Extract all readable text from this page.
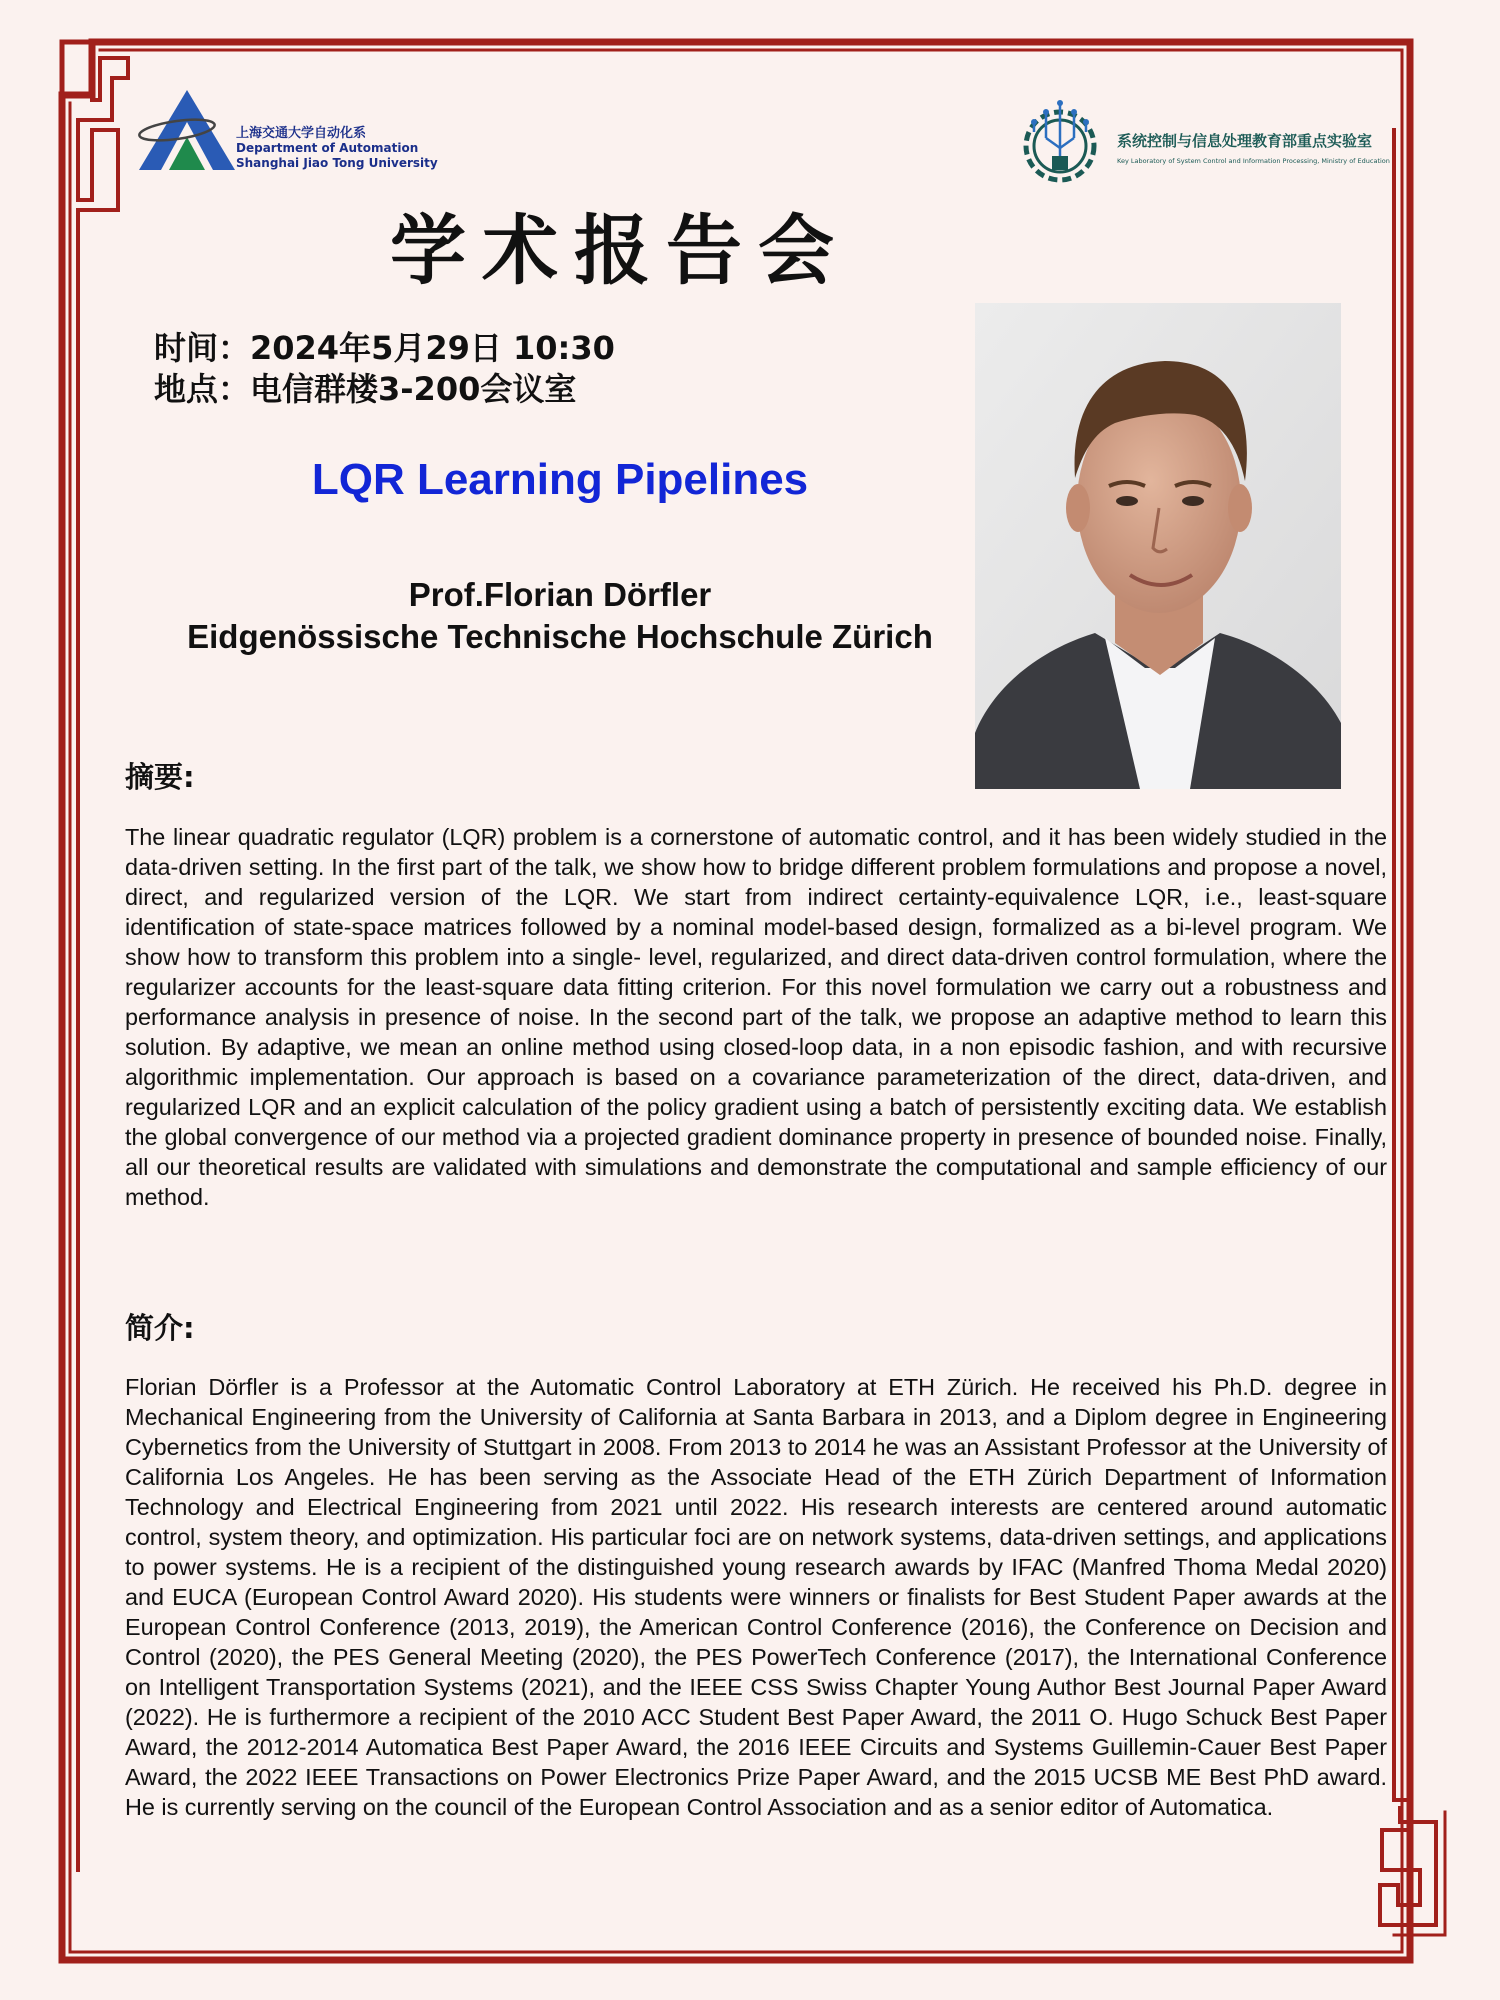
上海交通大学自动化系
Department of Automation
Shanghai Jiao Tong University
系统控制与信息处理教育部重点实验室
Key Laboratory of System Control and Information Processing, Ministry of Education
学术报告会
时间：2024年5月29日 10:30
地点：电信群楼3-200会议室
LQR Learning Pipelines
Prof.Florian Dörfler
Eidgenössische Technische Hochschule Zürich
摘要:
The linear quadratic regulator (LQR) problem is a cornerstone of automatic control, and it has been widely studied in the data-driven setting. In the first part of the talk, we show how to bridge different problem formulations and propose a novel, direct, and regularized version of the LQR. We start from indirect certainty-equivalence LQR, i.e., least-square identification of state-space matrices followed by a nominal model-based design, formalized as a bi-level program. We show how to transform this problem into a single- level, regularized, and direct data-driven control formulation, where the regularizer accounts for the least-square data fitting criterion. For this novel formulation we carry out a robustness and performance analysis in presence of noise. In the second part of the talk, we propose an adaptive method to learn this solution. By adaptive, we mean an online method using closed-loop data, in a non episodic fashion, and with recursive algorithmic implementation. Our approach is based on a covariance parameterization of the direct, data-driven, and regularized LQR and an explicit calculation of the policy gradient using a batch of persistently exciting data. We establish the global convergence of our method via a projected gradient dominance property in presence of bounded noise. Finally, all our theoretical results are validated with simulations and demonstrate the computational and sample efficiency of our method.
简介:
Florian Dörfler is a Professor at the Automatic Control Laboratory at ETH Zürich. He received his Ph.D. degree in Mechanical Engineering from the University of California at Santa Barbara in 2013, and a Diplom degree in Engineering Cybernetics from the University of Stuttgart in 2008. From 2013 to 2014 he was an Assistant Professor at the University of California Los Angeles. He has been serving as the Associate Head of the ETH Zürich Department of Information Technology and Electrical Engineering from 2021 until 2022. His research interests are centered around automatic control, system theory, and optimization. His particular foci are on network systems, data-driven settings, and applications to power systems. He is a recipient of the distinguished young research awards by IFAC (Manfred Thoma Medal 2020) and EUCA (European Control Award 2020). His students were winners or finalists for Best Student Paper awards at the European Control Conference (2013, 2019), the American Control Conference (2016), the Conference on Decision and Control (2020), the PES General Meeting (2020), the PES PowerTech Conference (2017), the International Conference on Intelligent Transportation Systems (2021), and the IEEE CSS Swiss Chapter Young Author Best Journal Paper Award (2022). He is furthermore a recipient of the 2010 ACC Student Best Paper Award, the 2011 O. Hugo Schuck Best Paper Award, the 2012-2014 Automatica Best Paper Award, the 2016 IEEE Circuits and Systems Guillemin-Cauer Best Paper Award, the 2022 IEEE Transactions on Power Electronics Prize Paper Award, and the 2015 UCSB ME Best PhD award. He is currently serving on the council of the European Control Association and as a senior editor of Automatica.
